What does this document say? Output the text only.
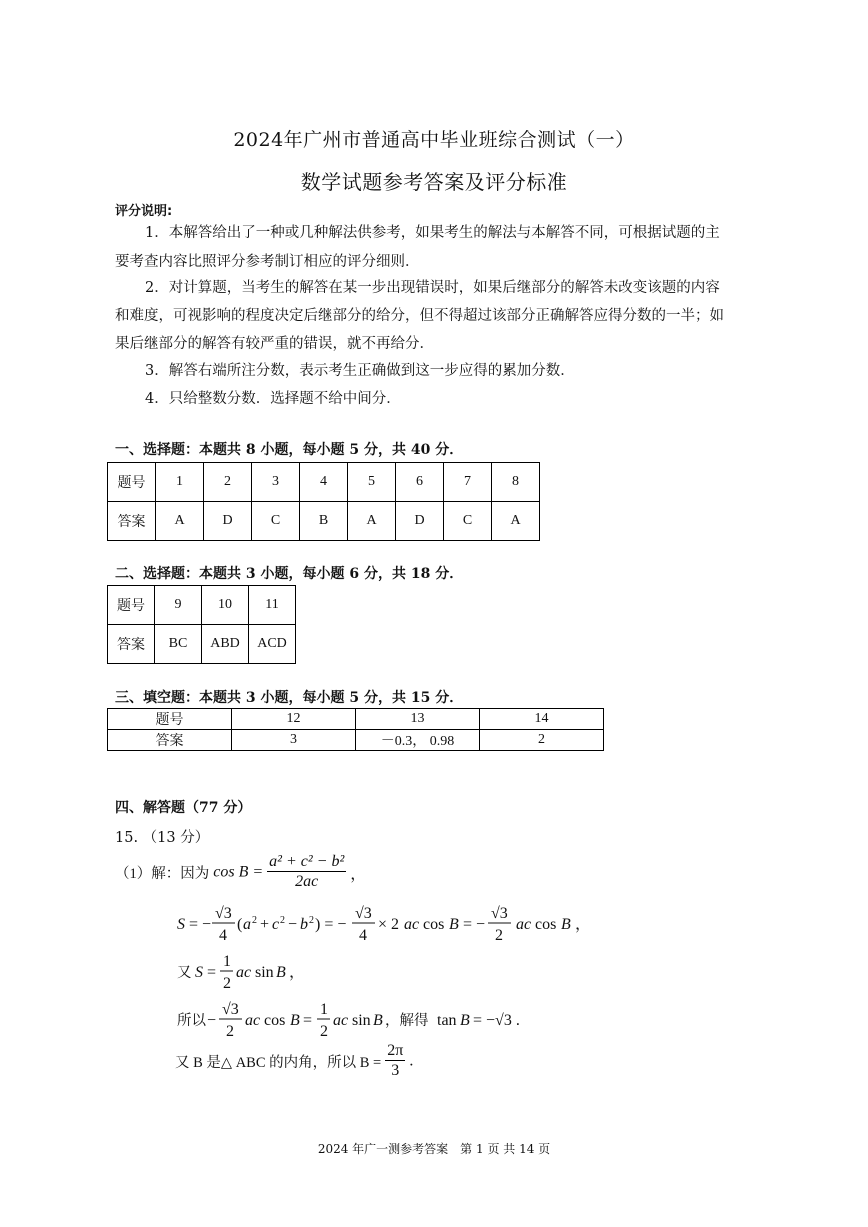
2024年广州市普通高中毕业班综合测试（一）
数学试题参考答案及评分标准
评分说明:
1．本解答给出了一种或几种解法供参考，如果考生的解法与本解答不同，可根据试题的主
要考查内容比照评分参考制订相应的评分细则．
2．对计算题，当考生的解答在某一步出现错误时，如果后继部分的解答未改变该题的内容
和难度，可视影响的程度决定后继部分的给分，但不得超过该部分正确解答应得分数的一半；如
果后继部分的解答有较严重的错误，就不再给分．
3．解答右端所注分数，表示考生正确做到这一步应得的累加分数．
4．只给整数分数．选择题不给中间分．
一、选择题：本题共 8 小题，每小题 5 分，共 40 分．
题号	1	2	3	4	5	6	7	8
答案	A	D	C	B	A	D	C	A
二、选择题：本题共 3 小题，每小题 6 分，共 18 分．
题号	9	10	11
答案	BC	ABD	ACD
三、填空题：本题共 3 小题，每小题 5 分，共 15 分．
题号	12	13	14
答案	3	－0.3， 0.98	2
四、解答题（77 分）
15. （13 分）
（1）解：因为 $\cos B = \frac{\text{a² + c² − b²}}{2ac}$ ，
S = −
√3
4
( a 2 + c 2 − b 2 ) = −
√3
4
× 2 ac cos B = −
√3
2
ac cos B ，
又 S =
1
2
ac sin B ，
所以 −
√3
2
ac cos B =
1
2
ac sin B ，解得 tan B = −√3 .
又 B 是△ ABC 的内角，所以 $B = \frac{2\pi}{3}$ .
2024 年广一测参考答案　第 1 页 共 14 页
